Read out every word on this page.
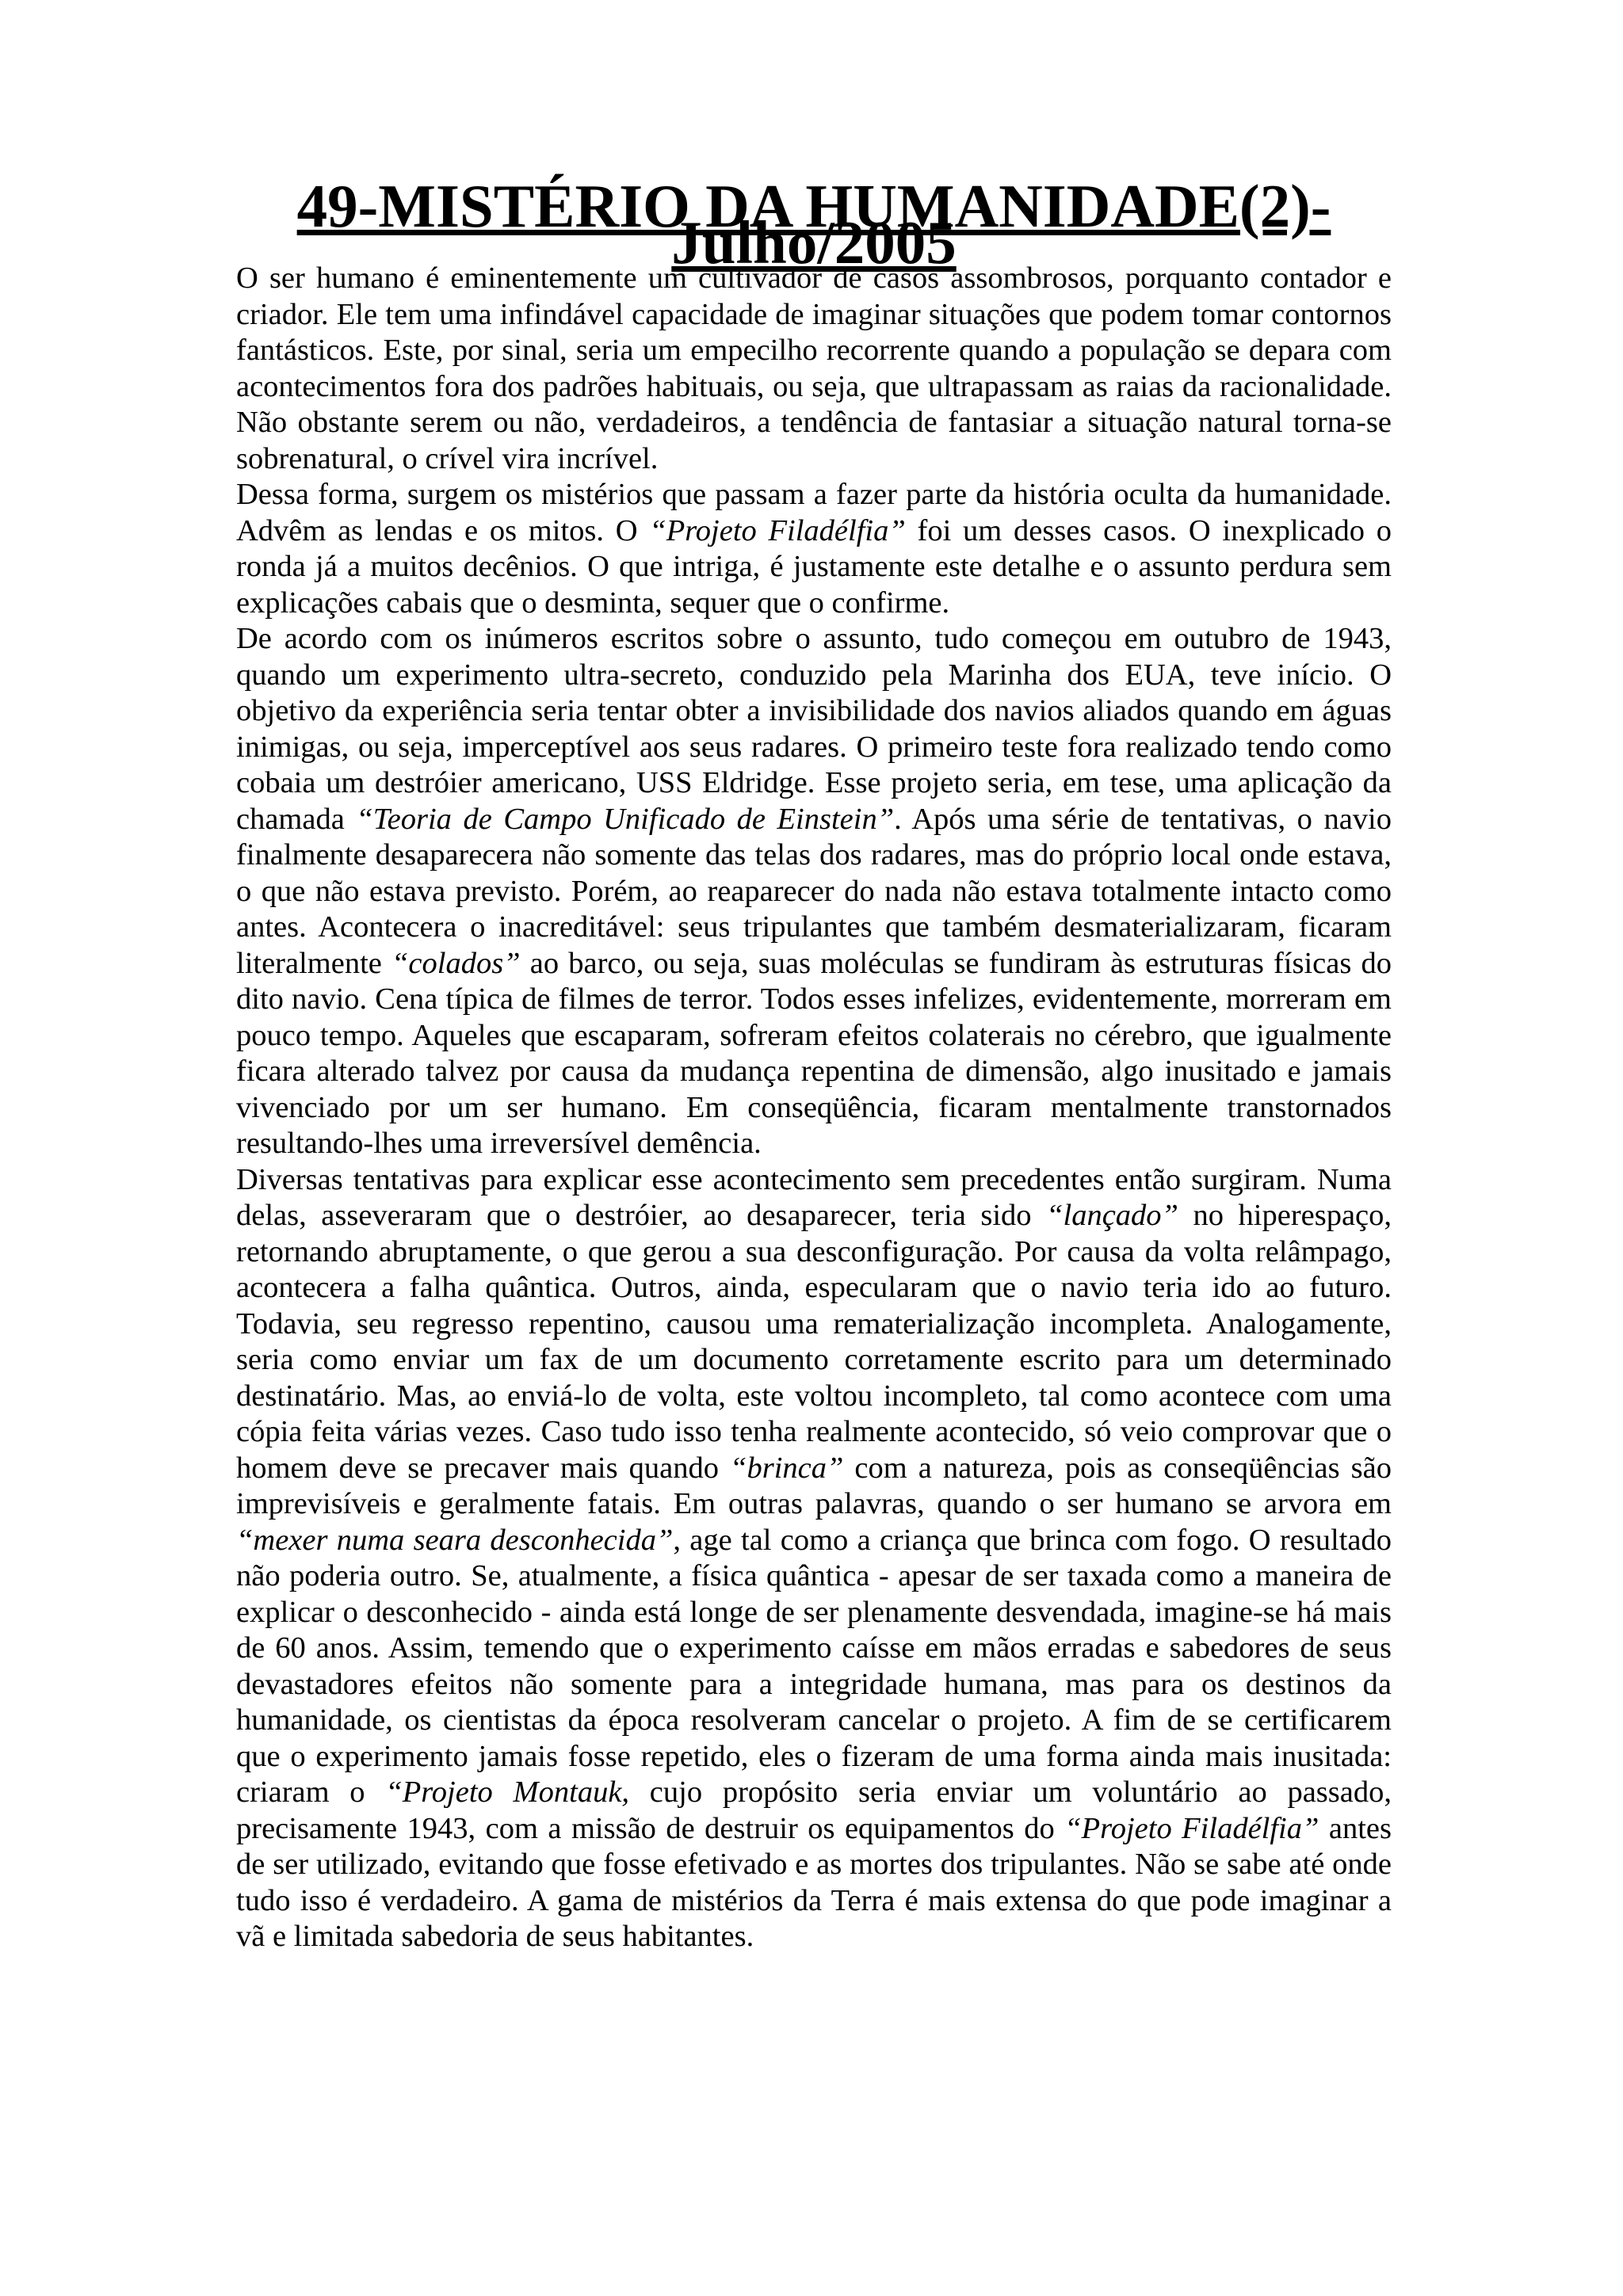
49-MISTÉRIO DA HUMANIDADE(2)-Julho/2005

O ser humano é eminentemente um cultivador de casos assombrosos, porquanto contador e criador. Ele tem uma infindável capacidade de imaginar situações que podem tomar contornos fantásticos. Este, por sinal, seria um empecilho recorrente quando a população se depara com acontecimentos fora dos padrões habituais, ou seja, que ultrapassam as raias da racionalidade. Não obstante serem ou não, verdadeiros, a tendência de fantasiar a situação natural torna-se sobrenatural, o crível vira incrível.

Dessa forma, surgem os mistérios que passam a fazer parte da história oculta da humanidade. Advêm as lendas e os mitos. O “Projeto Filadélfia” foi um desses casos. O inexplicado o ronda já a muitos decênios. O que intriga, é justamente este detalhe e o assunto perdura sem explicações cabais que o desminta, sequer que o confirme.

De acordo com os inúmeros escritos sobre o assunto, tudo começou em outubro de 1943, quando um experimento ultra-secreto, conduzido pela Marinha dos EUA, teve início. O objetivo da experiência seria tentar obter a invisibilidade dos navios aliados quando em águas inimigas, ou seja, imperceptível aos seus radares. O primeiro teste fora realizado tendo como cobaia um destróier americano, USS Eldridge. Esse projeto seria, em tese, uma aplicação da chamada “Teoria de Campo Unificado de Einstein”. Após uma série de tentativas, o navio finalmente desaparecera não somente das telas dos radares, mas do próprio local onde estava, o que não estava previsto. Porém, ao reaparecer do nada não estava totalmente intacto como antes. Acontecera o inacreditável: seus tripulantes que também desmaterializaram, ficaram literalmente “colados” ao barco, ou seja, suas moléculas se fundiram às estruturas físicas do dito navio. Cena típica de filmes de terror. Todos esses infelizes, evidentemente, morreram em pouco tempo. Aqueles que escaparam, sofreram efeitos colaterais no cérebro, que igualmente ficara alterado talvez por causa da mudança repentina de dimensão, algo inusitado e jamais vivenciado por um ser humano. Em conseqüência, ficaram mentalmente transtornados resultando-lhes uma irreversível demência.

Diversas tentativas para explicar esse acontecimento sem precedentes então surgiram. Numa delas, asseveraram que o destróier, ao desaparecer, teria sido “lançado” no hiperespaço, retornando abruptamente, o que gerou a sua desconfiguração. Por causa da volta relâmpago, acontecera a falha quântica. Outros, ainda, especularam que o navio teria ido ao futuro. Todavia, seu regresso repentino, causou uma rematerialização incompleta. Analogamente, seria como enviar um fax de um documento corretamente escrito para um determinado destinatário. Mas, ao enviá-lo de volta, este voltou incompleto, tal como acontece com uma cópia feita várias vezes. Caso tudo isso tenha realmente acontecido, só veio comprovar que o homem deve se precaver mais quando “brinca” com a natureza, pois as conseqüências são imprevisíveis e geralmente fatais. Em outras palavras, quando o ser humano se arvora em “mexer numa seara desconhecida”, age tal como a criança que brinca com fogo. O resultado não poderia outro. Se, atualmente, a física quântica - apesar de ser taxada como a maneira de explicar o desconhecido - ainda está longe de ser plenamente desvendada, imagine-se há mais de 60 anos. Assim, temendo que o experimento caísse em mãos erradas e sabedores de seus devastadores efeitos não somente para a integridade humana, mas para os destinos da humanidade, os cientistas da época resolveram cancelar o projeto. A fim de se certificarem que o experimento jamais fosse repetido, eles o fizeram de uma forma ainda mais inusitada: criaram o “Projeto Montauk, cujo propósito seria enviar um voluntário ao passado, precisamente 1943, com a missão de destruir os equipamentos do “Projeto Filadélfia” antes de ser utilizado, evitando que fosse efetivado e as mortes dos tripulantes. Não se sabe até onde tudo isso é verdadeiro. A gama de mistérios da Terra é mais extensa do que pode imaginar a vã e limitada sabedoria de seus habitantes.
